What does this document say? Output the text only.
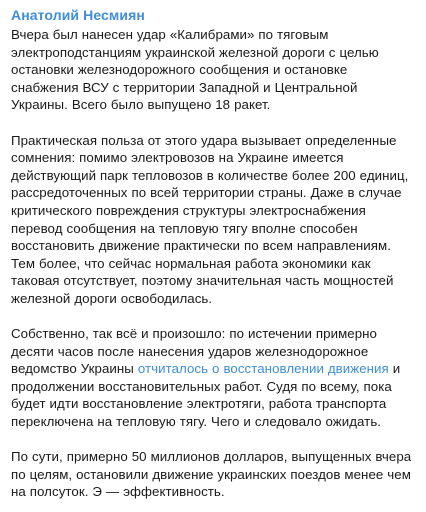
Анатолий Несмиян

Вчера был нанесен удар «Калибрами» по тяговым электроподстанциям украинской железной дороги с целью остановки железнодорожного сообщения и остановке снабжения ВСУ с территории Западной и Центральной Украины. Всего было выпущено 18 ракет.

Практическая польза от этого удара вызывает определенные сомнения: помимо электровозов на Украине имеется действующий парк тепловозов в количестве более 200 единиц, рассредоточенных по всей территории страны. Даже в случае критического повреждения структуры электроснабжения перевод сообщения на тепловую тягу вполне способен восстановить движение практически по всем направлениям. Тем более, что сейчас нормальная работа экономики как таковая отсутствует, поэтому значительная часть мощностей железной дороги освободилась.

Собственно, так всё и произошло: по истечении примерно десяти часов после нанесения ударов железнодорожное ведомство Украины отчиталось о восстановлении движения и продолжении восстановительных работ. Судя по всему, пока будет идти восстановление электротяги, работа транспорта переключена на тепловую тягу. Чего и следовало ожидать.

По сути, примерно 50 миллионов долларов, выпущенных вчера по целям, остановили движение украинских поездов менее чем на полсуток. Э — эффективность.
